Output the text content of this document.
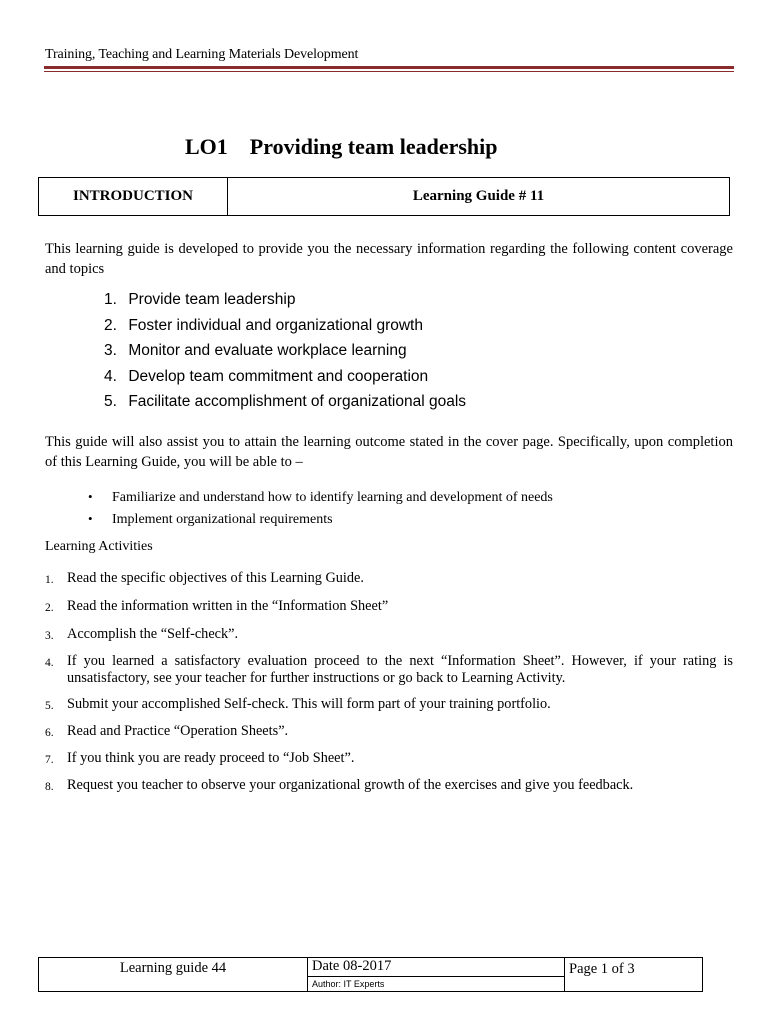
Training, Teaching and Learning Materials Development
LO1 Providing team leadership
INTRODUCTION	Learning Guide # 11
This learning guide is developed to provide you the necessary information regarding the following content coverage and topics
1. Provide team leadership
2. Foster individual and organizational growth
3. Monitor and evaluate workplace learning
4. Develop team commitment and cooperation
5. Facilitate accomplishment of organizational goals
This guide will also assist you to attain the learning outcome stated in the cover page. Specifically, upon completion of this Learning Guide, you will be able to –
• Familiarize and understand how to identify learning and development of needs
• Implement organizational requirements
Learning Activities
1. Read the specific objectives of this Learning Guide.
2. Read the information written in the “Information Sheet”
3. Accomplish the “Self-check”.
4. If you learned a satisfactory evaluation proceed to the next “Information Sheet”. However, if your rating is unsatisfactory, see your teacher for further instructions or go back to Learning Activity.
5. Submit your accomplished Self-check. This will form part of your training portfolio.
6. Read and Practice “Operation Sheets”.
7. If you think you are ready proceed to “Job Sheet”.
8. Request you teacher to observe your organizational growth of the exercises and give you feedback.
Learning guide 44	Date 08-2017
Author: IT Experts
Page 1 of 3
